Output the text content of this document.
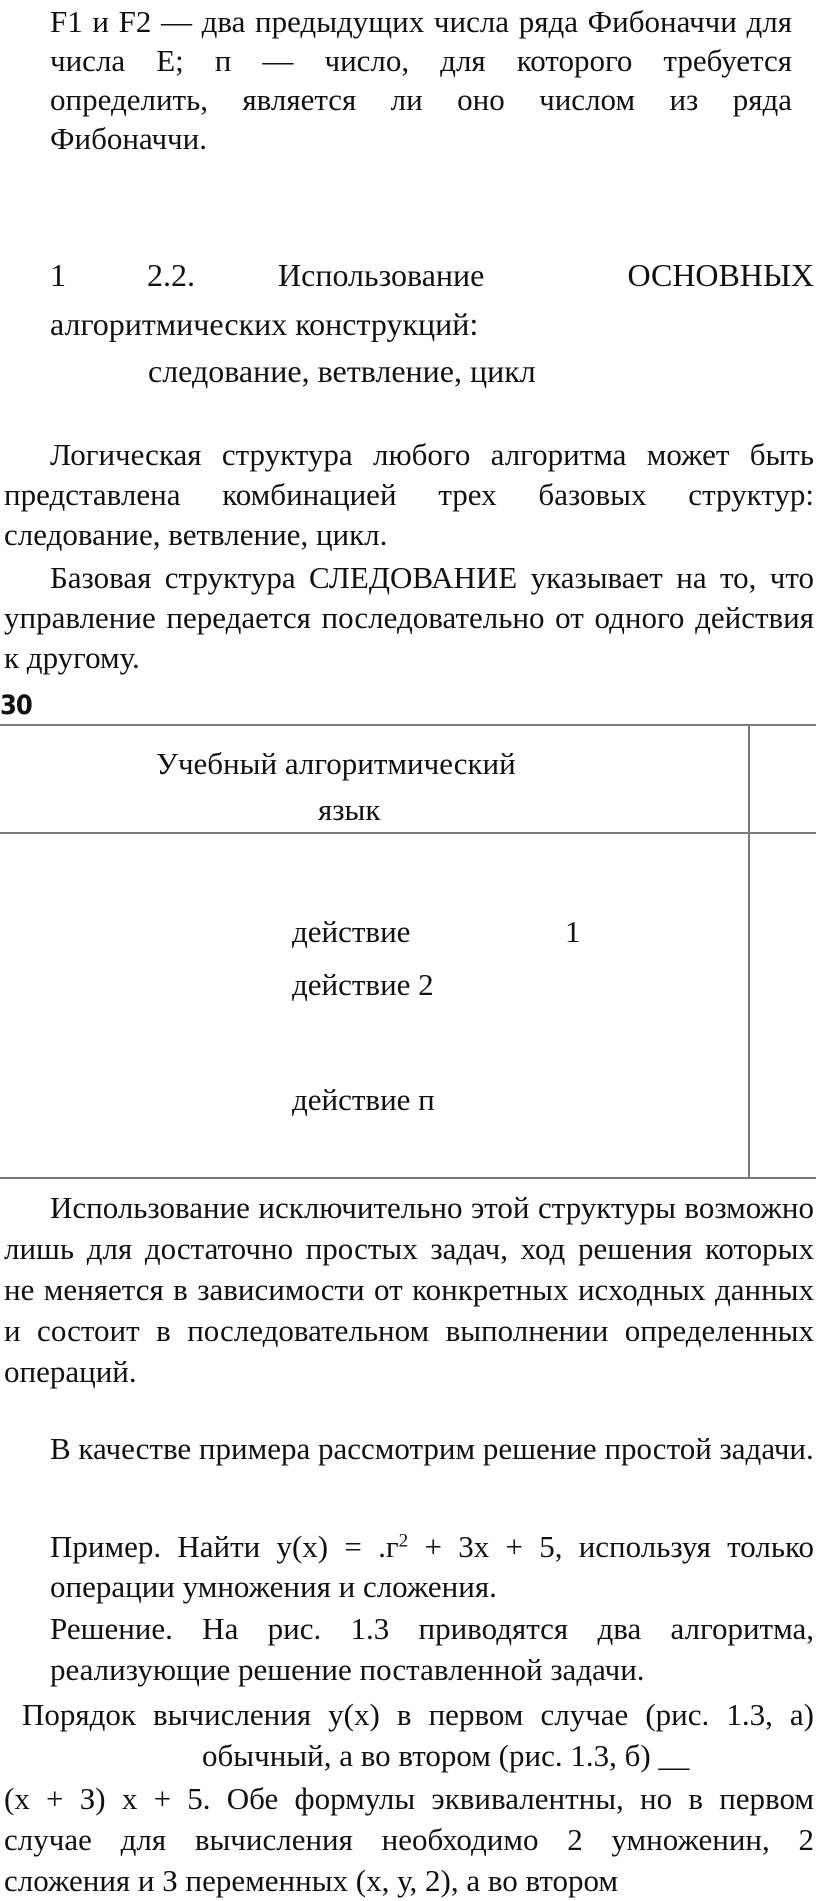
F1 и F2 — два предыдущих числа ряда Фибоначчи для числа Е; п — число, для которого требуется определить, является ли оно числом из ряда Фибоначчи.

1	2.2.	Использование	ОСНОВНЫХ
алгоритмических конструкций:
следование, ветвление, цикл

Логическая структура любого алгоритма может быть представлена комбинацией трех базовых структур: следование, ветвление, цикл.

Базовая структура СЛЕДОВАНИЕ указывает на то, что управление передается последовательно от одного действия к другому.

30
Учебный алгоритмический
язык
действие	1
действие 2
действие п

Использование исключительно этой структуры возможно лишь для достаточно простых задач, ход решения которых не меняется в зависимости от конкретных исходных данных и состоит в последовательном выполнении определенных операций.

В качестве примера рассмотрим решение простой задачи.

Пример. Найти $у(х) = .г^2 + 3х + 5$, используя только операции умножения и сложения.

Решение. На рис. 1.3 приводятся два алгоритма, реализующие решение поставленной задачи.

Порядок вычисления у(х) в первом случае (рис. 1.3, а)
обычный, а во втором (рис. 1.3, б) __

(х + З) х + 5. Обе формулы эквивалентны, но в первом случае для вычисления необходимо 2 умноженин, 2 сложения и З переменных (х, у, 2), а во втором
